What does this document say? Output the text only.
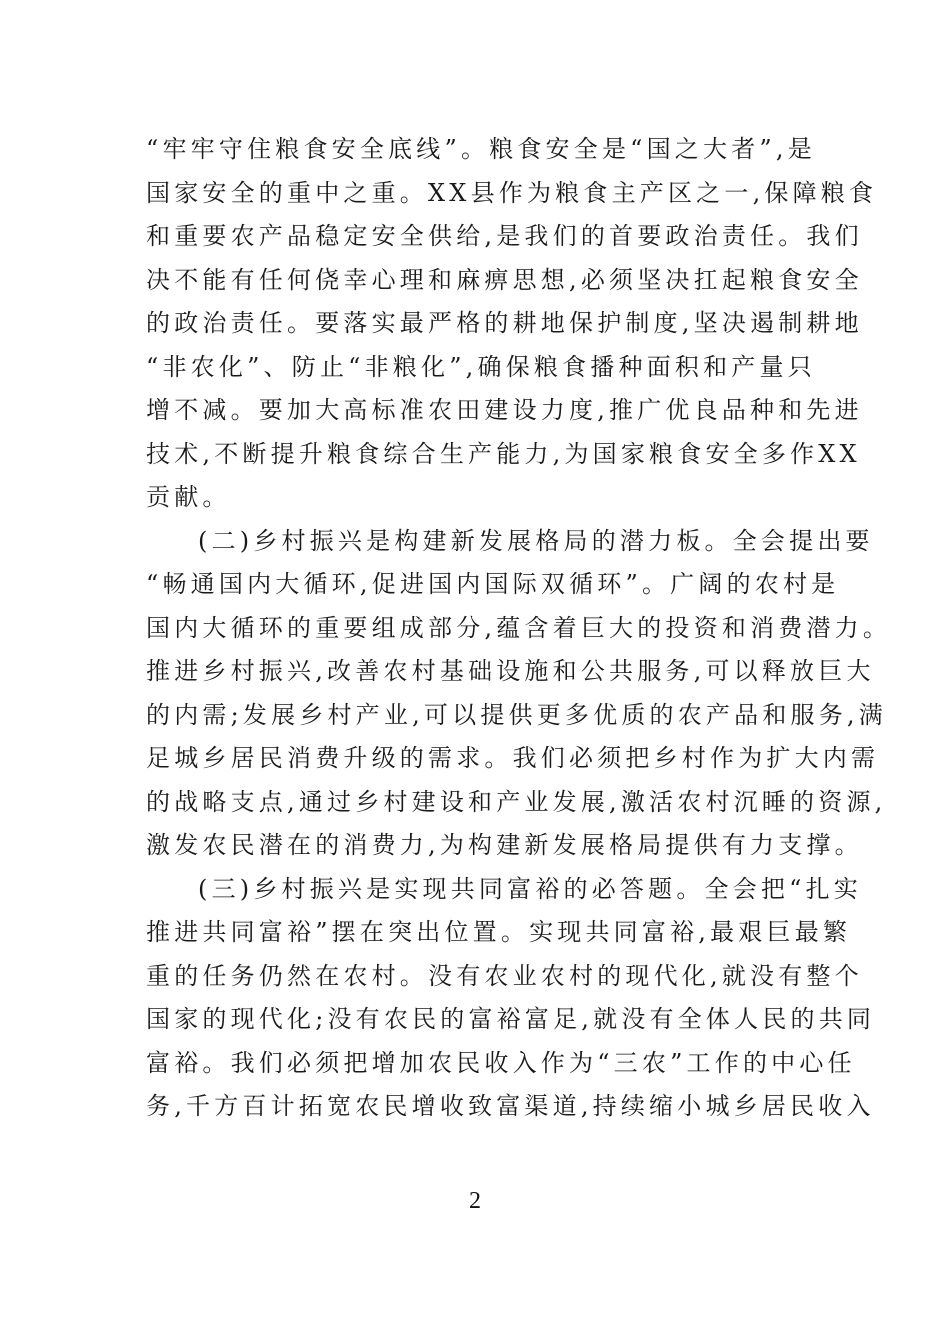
“牢牢守住粮食安全底线”。粮食安全是“国之大者”,是
国家安全的重中之重。XX县作为粮食主产区之一,保障粮食
和重要农产品稳定安全供给,是我们的首要政治责任。我们
决不能有任何侥幸心理和麻痹思想,必须坚决扛起粮食安全
的政治责任。要落实最严格的耕地保护制度,坚决遏制耕地
“非农化”、防止“非粮化”,确保粮食播种面积和产量只
增不减。要加大高标准农田建设力度,推广优良品种和先进
技术,不断提升粮食综合生产能力,为国家粮食安全多作XX
贡献。
(二)乡村振兴是构建新发展格局的潜力板。全会提出要
“畅通国内大循环,促进国内国际双循环”。广阔的农村是
国内大循环的重要组成部分,蕴含着巨大的投资和消费潜力。
推进乡村振兴,改善农村基础设施和公共服务,可以释放巨大
的内需;发展乡村产业,可以提供更多优质的农产品和服务,满
足城乡居民消费升级的需求。我们必须把乡村作为扩大内需
的战略支点,通过乡村建设和产业发展,激活农村沉睡的资源,
激发农民潜在的消费力,为构建新发展格局提供有力支撑。
(三)乡村振兴是实现共同富裕的必答题。全会把“扎实
推进共同富裕”摆在突出位置。实现共同富裕,最艰巨最繁
重的任务仍然在农村。没有农业农村的现代化,就没有整个
国家的现代化;没有农民的富裕富足,就没有全体人民的共同
富裕。我们必须把增加农民收入作为“三农”工作的中心任
务,千方百计拓宽农民增收致富渠道,持续缩小城乡居民收入
2
